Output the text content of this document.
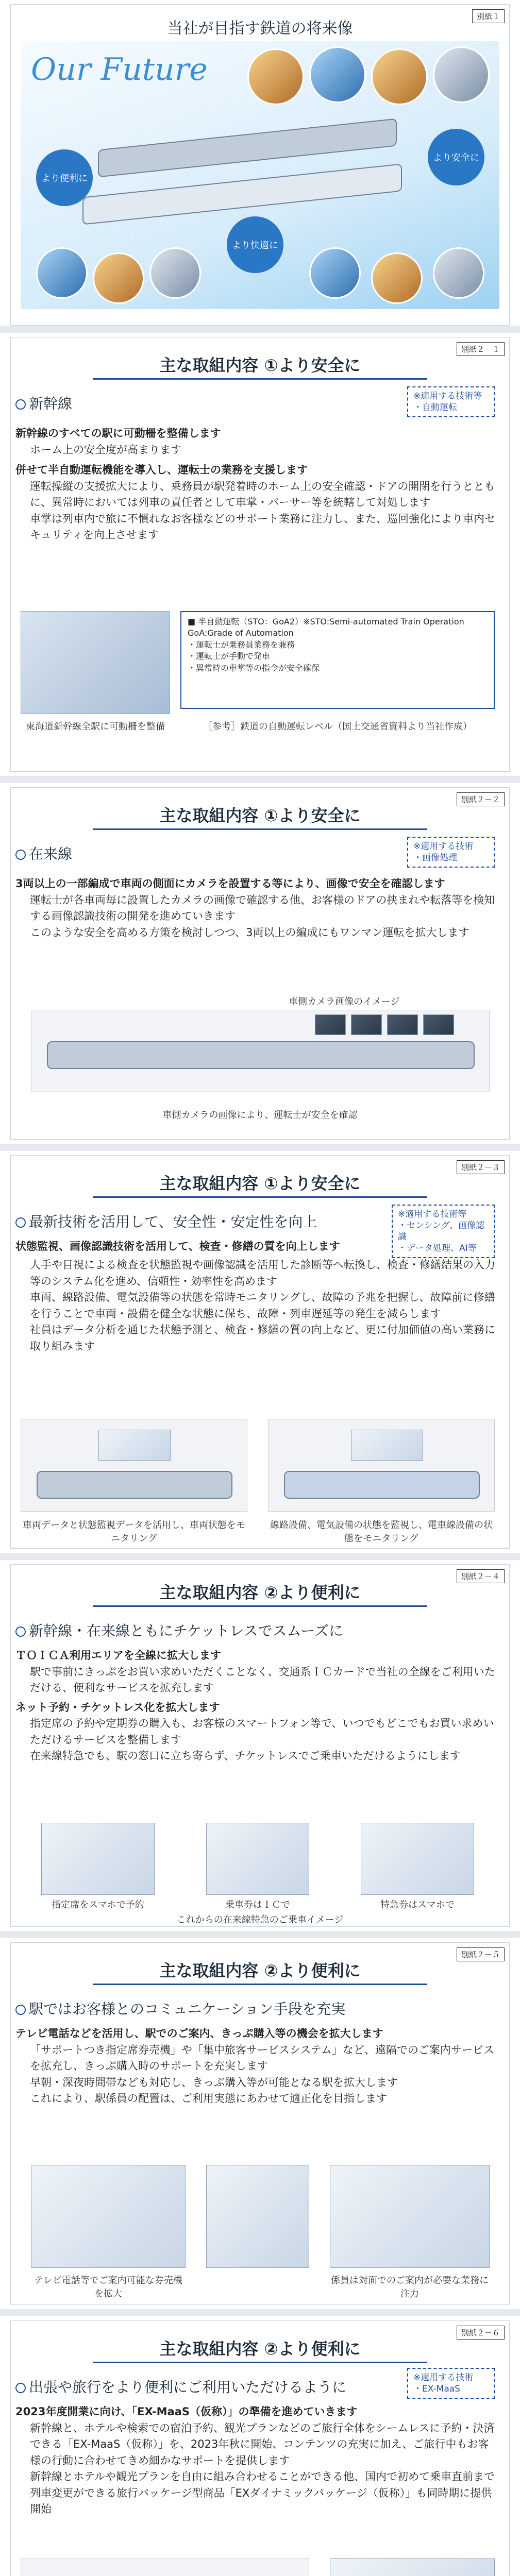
別紙１
当社が目指す鉄道の将来像
Our Future
より便利に
より安全に
より快適に
別紙２－１
主な取組内容 ①より安全に
新幹線	※適用する技術等
・自動運転
新幹線のすべての駅に可動柵を整備します
ホーム上の安全度が高まります
併せて半自動運転機能を導入し、運転士の業務を支援します
運転操縦の支援拡大により、乗務員が駅発着時のホーム上の安全確認・ドアの開閉を行うとともに、異常時においては列車の責任者として車掌・パーサー等を統轄して対処します
車掌は列車内で旅に不慣れなお客様などのサポート業務に注力し、また、巡回強化により車内セキュリティを向上させます
東海道新幹線全駅に可動柵を整備
■ 半自動運転（STO：GoA2）※STO:Semi-automated Train Operation GoA:Grade of Automation
・運転士が乗務員業務を兼務
・運転士が手動で発車
・異常時の車掌等の指令が安全確保
［参考］鉄道の自動運転レベル（国土交通省資料より当社作成）
別紙２－２
主な取組内容 ①より安全に
在来線	※適用する技術
・画像処理
3両以上の一部編成で車両の側面にカメラを設置する等により、画像で安全を確認します
運転士が各車両毎に設置したカメラの画像で確認する他、お客様のドアの挟まれや転落等を検知する画像認識技術の開発を進めていきます
このような安全を高める方策を検討しつつ、3両以上の編成にもワンマン運転を拡大します
車側カメラ画像のイメージ
車側カメラの画像により、運転士が安全を確認
別紙２－３
主な取組内容 ①より安全に
最新技術を活用して、安全性・安定性を向上	※適用する技術等
・センシング、画像認識
・データ処理、AI等
状態監視、画像認識技術を活用して、検査・修繕の質を向上します
人手や目視による検査を状態監視や画像認識を活用した診断等へ転換し、検査・修繕結果の入力等のシステム化を進め、信頼性・効率性を高めます
車両、線路設備、電気設備等の状態を常時モニタリングし、故障の予兆を把握し、故障前に修繕を行うことで車両・設備を健全な状態に保ち、故障・列車遅延等の発生を減らします
社員はデータ分析を通じた状態予測と、検査・修繕の質の向上など、更に付加価値の高い業務に取り組みます
車両データと状態監視データを活用し、車両状態をモニタリング
線路設備、電気設備の状態を監視し、電車線設備の状態をモニタリング
別紙２－４
主な取組内容 ②より便利に
新幹線・在来線ともにチケットレスでスムーズに
ＴＯＩＣＡ利用エリアを全線に拡大します
駅で事前にきっぷをお買い求めいただくことなく、交通系ＩＣカードで当社の全線をご利用いただける、便利なサービスを拡充します
ネット予約・チケットレス化を拡大します
指定席の予約や定期券の購入も、お客様のスマートフォン等で、いつでもどこでもお買い求めいただけるサービスを整備します
在来線特急でも、駅の窓口に立ち寄らず、チケットレスでご乗車いただけるようにします
指定席をスマホで予約	乗車券はＩＣで	特急券はスマホで
これからの在来線特急のご乗車イメージ
別紙２－５
主な取組内容 ②より便利に
駅ではお客様とのコミュニケーション手段を充実
テレビ電話などを活用し、駅でのご案内、きっぷ購入等の機会を拡大します
「サポートつき指定席券売機」や「集中旅客サービスシステム」など、遠隔でのご案内サービスを拡充し、きっぷ購入時のサポートを充実します
早朝・深夜時間帯なども対応し、きっぷ購入等が可能となる駅を拡大します
これにより、駅係員の配置は、ご利用実態にあわせて適正化を目指します
テレビ電話等でご案内可能な券売機を拡大
係員は対面でのご案内が必要な業務に注力
別紙２－６
主な取組内容 ②より便利に
出張や旅行をより便利にご利用いただけるように
※適用する技術
・EX-MaaS
2023年度開業に向け、「EX-MaaS（仮称）」の準備を進めていきます
新幹線と、ホテルや検索での宿泊予約、観光プランなどのご旅行全体をシームレスに予約・決済できる「EX-MaaS（仮称）」を、2023年秋に開始、コンテンツの充実に加え、ご旅行中もお客様の行動に合わせてきめ細かなサポートを提供します
新幹線とホテルや観光プランを自由に組み合わせることができる他、国内で初めて乗車直前まで列車変更ができる旅行パッケージ型商品「EXダイナミックパッケージ（仮称）」も同時期に提供開始
